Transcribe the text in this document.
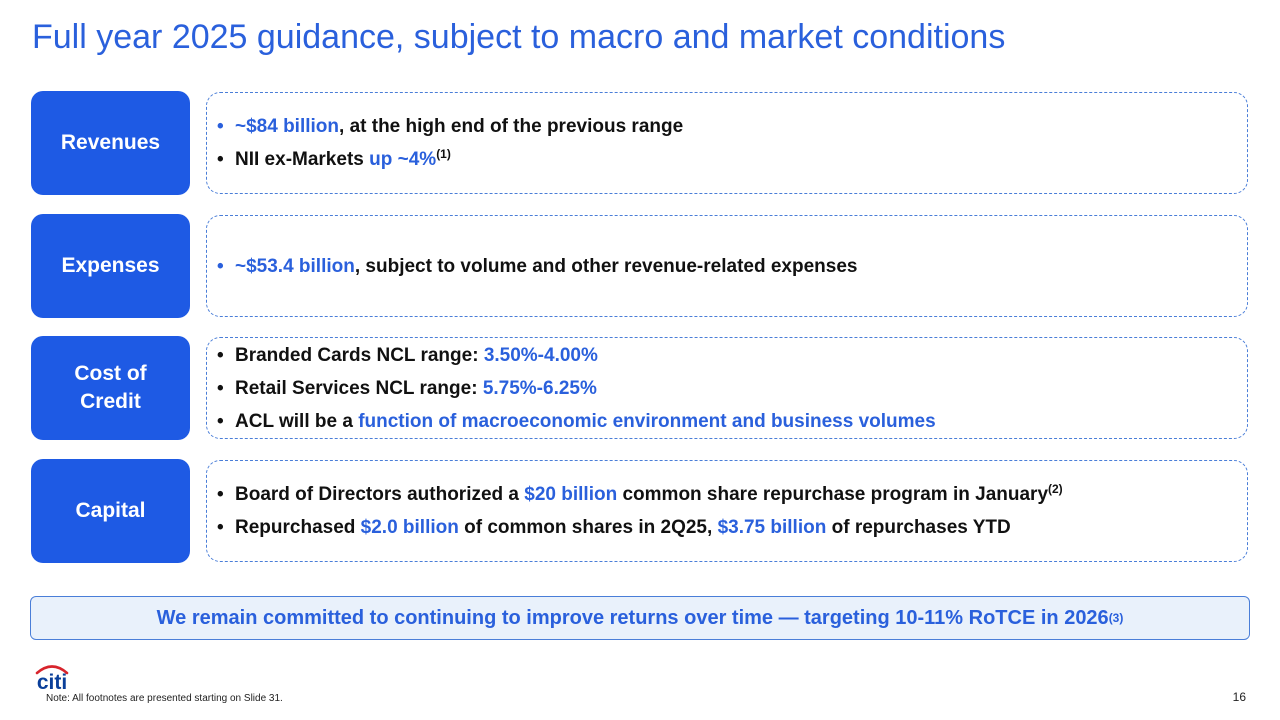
Full year 2025 guidance, subject to macro and market conditions
Revenues
• ~$84 billion, at the high end of the previous range
• NII ex-Markets up ~4%$^{(1)}$
Expenses	• ~$53.4 billion, subject to volume and other revenue-related expenses
Cost of
Credit
• Branded Cards NCL range: 3.50%-4.00%
• Retail Services NCL range: 5.75%-6.25%
• ACL will be a function of macroeconomic environment and business volumes
Capital
• Board of Directors authorized a $20 billion common share repurchase program in January$^{(2)}$
• Repurchased $2.0 billion of common shares in 2Q25, $3.75 billion of repurchases YTD
We remain committed to continuing to improve returns over time — targeting 10-11% RoTCE in 2026 (3)
citi
Note: All footnotes are presented starting on Slide 31.	16
